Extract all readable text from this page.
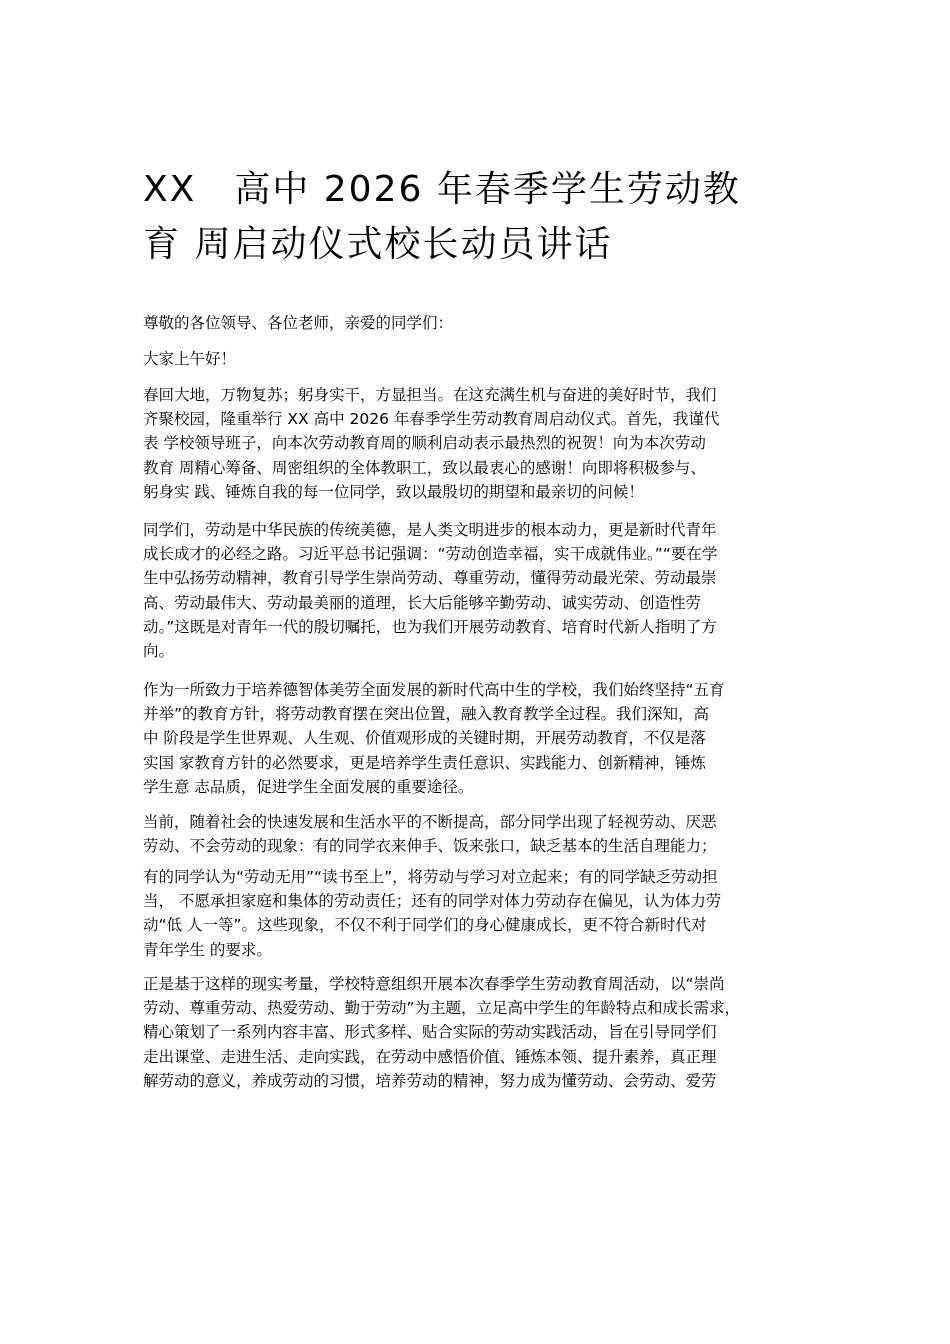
XX　高中 2026 年春季学生劳动教
育 周启动仪式校长动员讲话

尊敬的各位领导、各位老师，亲爱的同学们：

大家上午好！

春回大地，万物复苏；躬身实干，方显担当。在这充满生机与奋进的美好时节，我们
齐聚校园，隆重举行 XX 高中 2026 年春季学生劳动教育周启动仪式。首先，我谨代
表 学校领导班子，向本次劳动教育周的顺利启动表示最热烈的祝贺！向为本次劳动
教育 周精心筹备、周密组织的全体教职工，致以最衷心的感谢！向即将积极参与、
躬身实 践、锤炼自我的每一位同学，致以最殷切的期望和最亲切的问候！

同学们，劳动是中华民族的传统美德，是人类文明进步的根本动力，更是新时代青年
成长成才的必经之路。习近平总书记强调：“劳动创造幸福，实干成就伟业。”“要在学
生中弘扬劳动精神，教育引导学生崇尚劳动、尊重劳动，懂得劳动最光荣、劳动最崇
高、劳动最伟大、劳动最美丽的道理，长大后能够辛勤劳动、诚实劳动、创造性劳
动。”这既是对青年一代的殷切嘱托，也为我们开展劳动教育、培育时代新人指明了方
向。

作为一所致力于培养德智体美劳全面发展的新时代高中生的学校，我们始终坚持“五育
并举”的教育方针，将劳动教育摆在突出位置，融入教育教学全过程。我们深知，高
中 阶段是学生世界观、人生观、价值观形成的关键时期，开展劳动教育，不仅是落
实国 家教育方针的必然要求，更是培养学生责任意识、实践能力、创新精神，锤炼
学生意 志品质，促进学生全面发展的重要途径。

当前，随着社会的快速发展和生活水平的不断提高，部分同学出现了轻视劳动、厌恶
劳动、不会劳动的现象：有的同学衣来伸手、饭来张口，缺乏基本的生活自理能力；

有的同学认为“劳动无用”“读书至上”，将劳动与学习对立起来；有的同学缺乏劳动担
当， 不愿承担家庭和集体的劳动责任；还有的同学对体力劳动存在偏见，认为体力劳
动“低 人一等”。这些现象，不仅不利于同学们的身心健康成长，更不符合新时代对
青年学生 的要求。

正是基于这样的现实考量，学校特意组织开展本次春季学生劳动教育周活动，以“崇尚
劳动、尊重劳动、热爱劳动、勤于劳动”为主题，立足高中学生的年龄特点和成长需求，
精心策划了一系列内容丰富、形式多样、贴合实际的劳动实践活动，旨在引导同学们
走出课堂、走进生活、走向实践，在劳动中感悟价值、锤炼本领、提升素养，真正理
解劳动的意义，养成劳动的习惯，培养劳动的精神，努力成为懂劳动、会劳动、爱劳
